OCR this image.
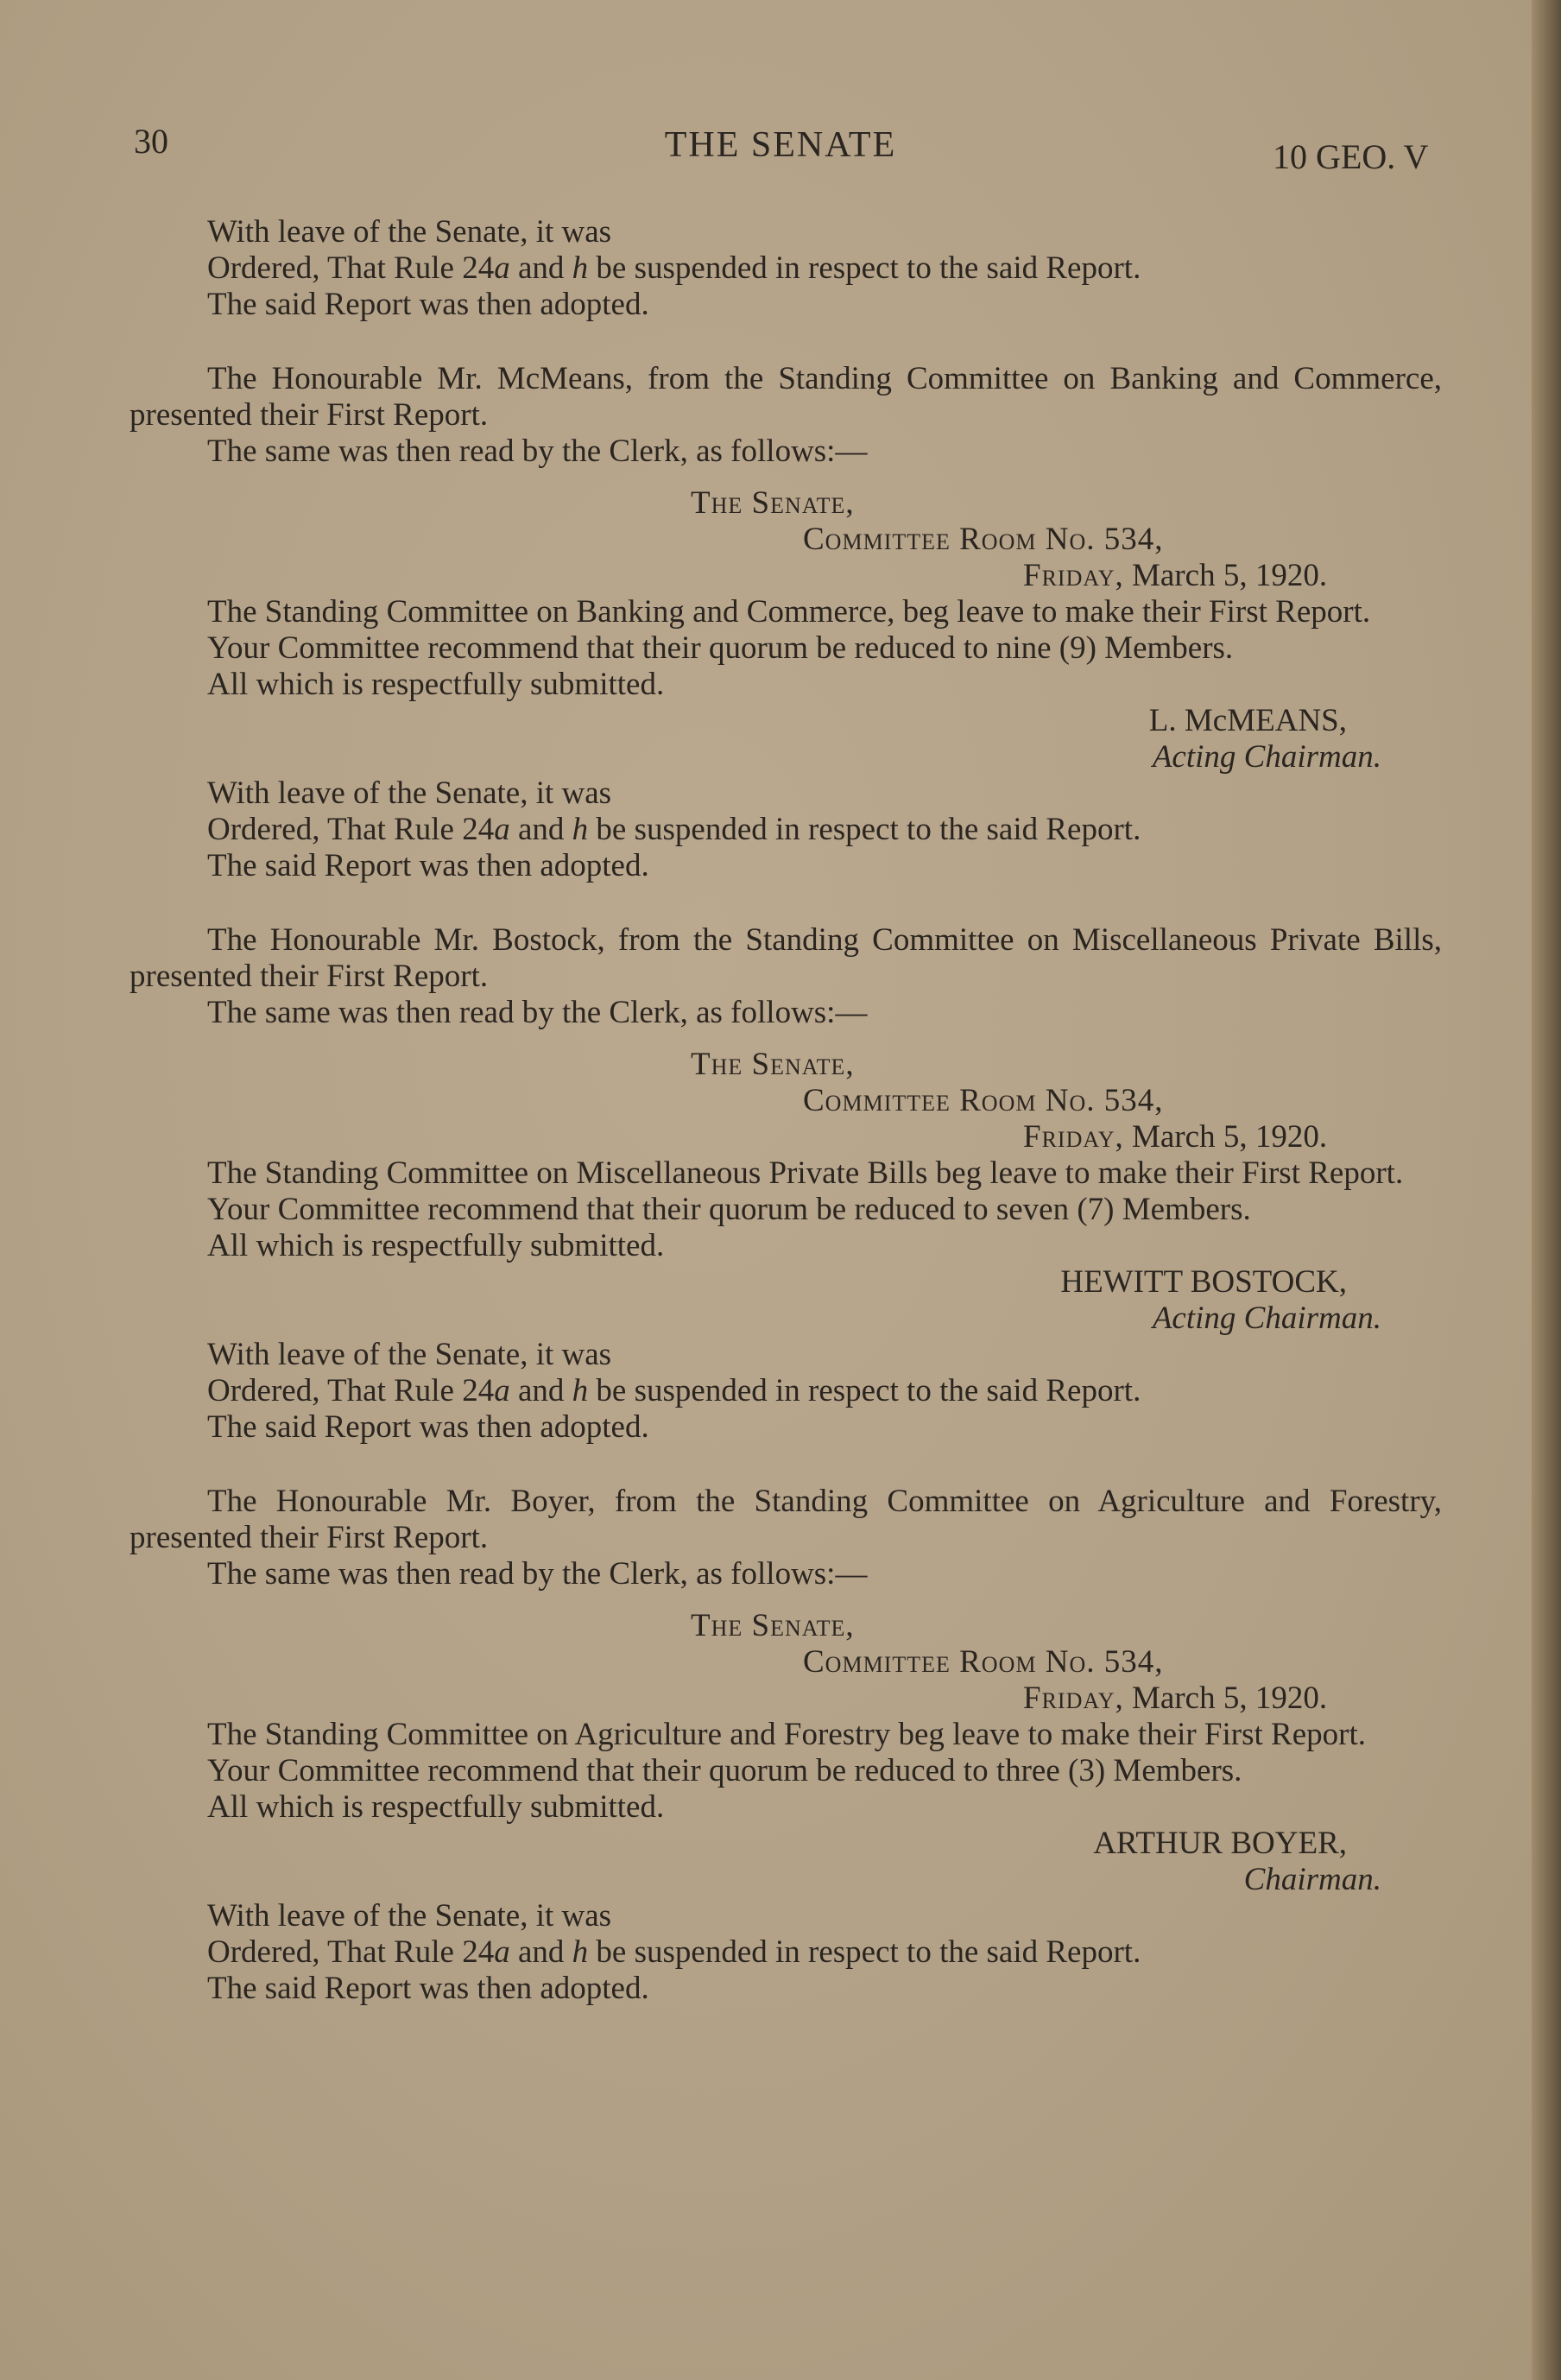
30	THE SENATE	10 GEO. V

With leave of the Senate, it was

Ordered, That Rule 24a and h be suspended in respect to the said Report.

The said Report was then adopted.

The Honourable Mr. McMeans, from the Standing Committee on Banking and Commerce, presented their First Report.

The same was then read by the Clerk, as follows:—

The Senate,

Committee Room No. 534,

Friday, March 5, 1920.

The Standing Committee on Banking and Commerce, beg leave to make their First Report.

Your Committee recommend that their quorum be reduced to nine (9) Members.

All which is respectfully submitted.

L. McMEANS,

Acting Chairman.

With leave of the Senate, it was

Ordered, That Rule 24a and h be suspended in respect to the said Report.

The said Report was then adopted.

The Honourable Mr. Bostock, from the Standing Committee on Miscellaneous Private Bills, presented their First Report.

The same was then read by the Clerk, as follows:—

The Senate,

Committee Room No. 534,

Friday, March 5, 1920.

The Standing Committee on Miscellaneous Private Bills beg leave to make their First Report.

Your Committee recommend that their quorum be reduced to seven (7) Members.

All which is respectfully submitted.

HEWITT BOSTOCK,

Acting Chairman.

With leave of the Senate, it was

Ordered, That Rule 24a and h be suspended in respect to the said Report.

The said Report was then adopted.

The Honourable Mr. Boyer, from the Standing Committee on Agriculture and Forestry, presented their First Report.

The same was then read by the Clerk, as follows:—

The Senate,

Committee Room No. 534,

Friday, March 5, 1920.

The Standing Committee on Agriculture and Forestry beg leave to make their First Report.

Your Committee recommend that their quorum be reduced to three (3) Members.

All which is respectfully submitted.

ARTHUR BOYER,

Chairman.

With leave of the Senate, it was

Ordered, That Rule 24a and h be suspended in respect to the said Report.

The said Report was then adopted.
